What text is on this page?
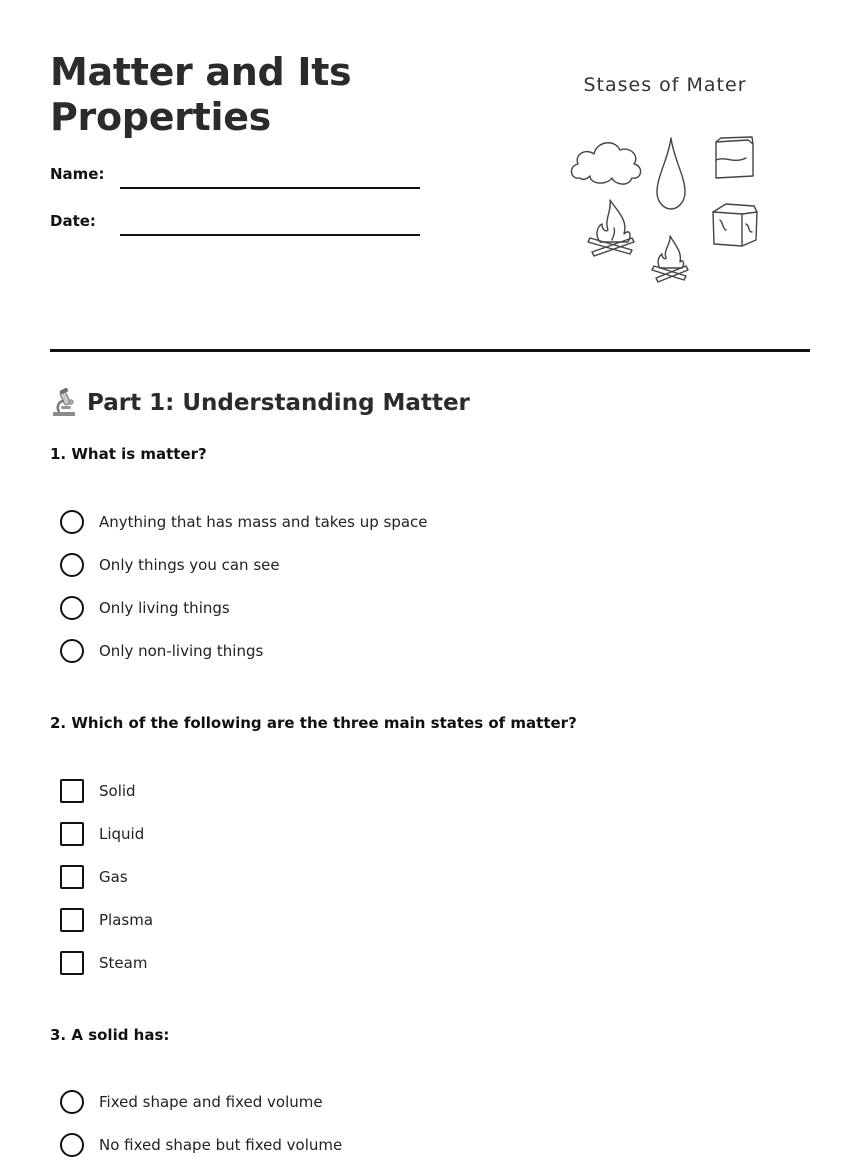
Matter and Its Properties
Name:
Date:
Stases of Mater
Part 1: Understanding Matter
1. What is matter?
Anything that has mass and takes up space
Only things you can see
Only living things
Only non-living things
2. Which of the following are the three main states of matter?
Solid
Liquid
Gas
Plasma
Steam
3. A solid has:
Fixed shape and fixed volume
No fixed shape but fixed volume
